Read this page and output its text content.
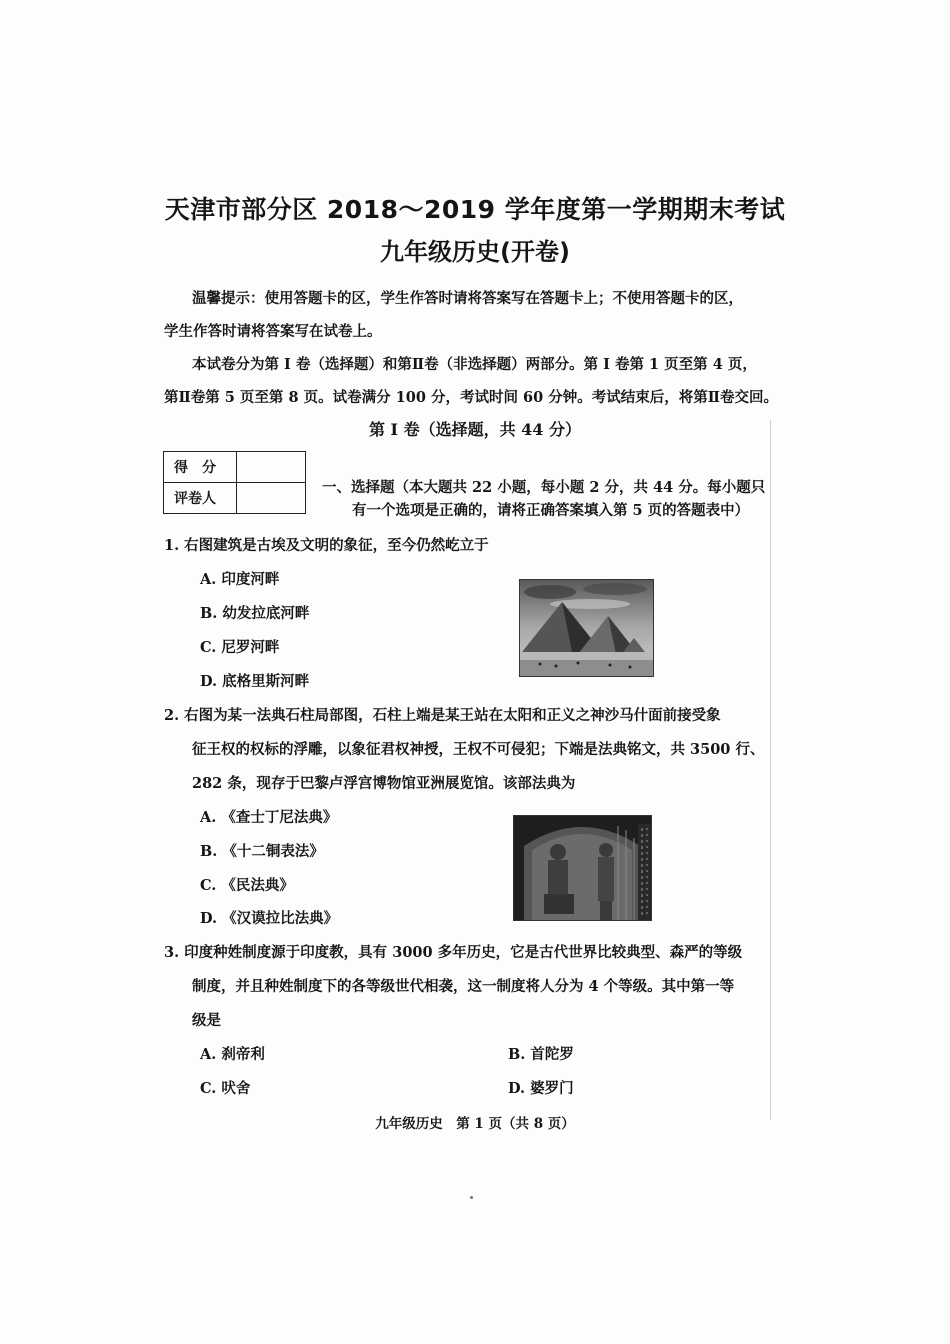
天津市部分区 2018～2019 学年度第一学期期末考试
九年级历史(开卷)
温馨提示：使用答题卡的区，学生作答时请将答案写在答题卡上；不使用答题卡的区，
学生作答时请将答案写在试卷上。
本试卷分为第 I 卷（选择题）和第Ⅱ卷（非选择题）两部分。第 I 卷第 1 页至第 4 页，
第Ⅱ卷第 5 页至第 8 页。试卷满分 100 分，考试时间 60 分钟。考试结束后，将第Ⅱ卷交回。
第 I 卷（选择题，共 44 分）
得　分	
评卷人	
一、选择题（本大题共 22 小题，每小题 2 分，共 44 分。每小题只
有一个选项是正确的，请将正确答案填入第 5 页的答题表中）
1. 右图建筑是古埃及文明的象征，至今仍然屹立于
A. 印度河畔
B. 幼发拉底河畔
C. 尼罗河畔
D. 底格里斯河畔
2. 右图为某一法典石柱局部图，石柱上端是某王站在太阳和正义之神沙马什面前接受象
征王权的权标的浮雕，以象征君权神授，王权不可侵犯；下端是法典铭文，共 3500 行、
282 条，现存于巴黎卢浮宫博物馆亚洲展览馆。该部法典为
A. 《查士丁尼法典》
B. 《十二铜表法》
C. 《民法典》
D. 《汉谟拉比法典》
3. 印度种姓制度源于印度教，具有 3000 多年历史，它是古代世界比较典型、森严的等级
制度，并且种姓制度下的各等级世代相袭，这一制度将人分为 4 个等级。其中第一等
级是
A. 刹帝利	B. 首陀罗
C. 吠舍	D. 婆罗门
九年级历史　第 1 页（共 8 页）
